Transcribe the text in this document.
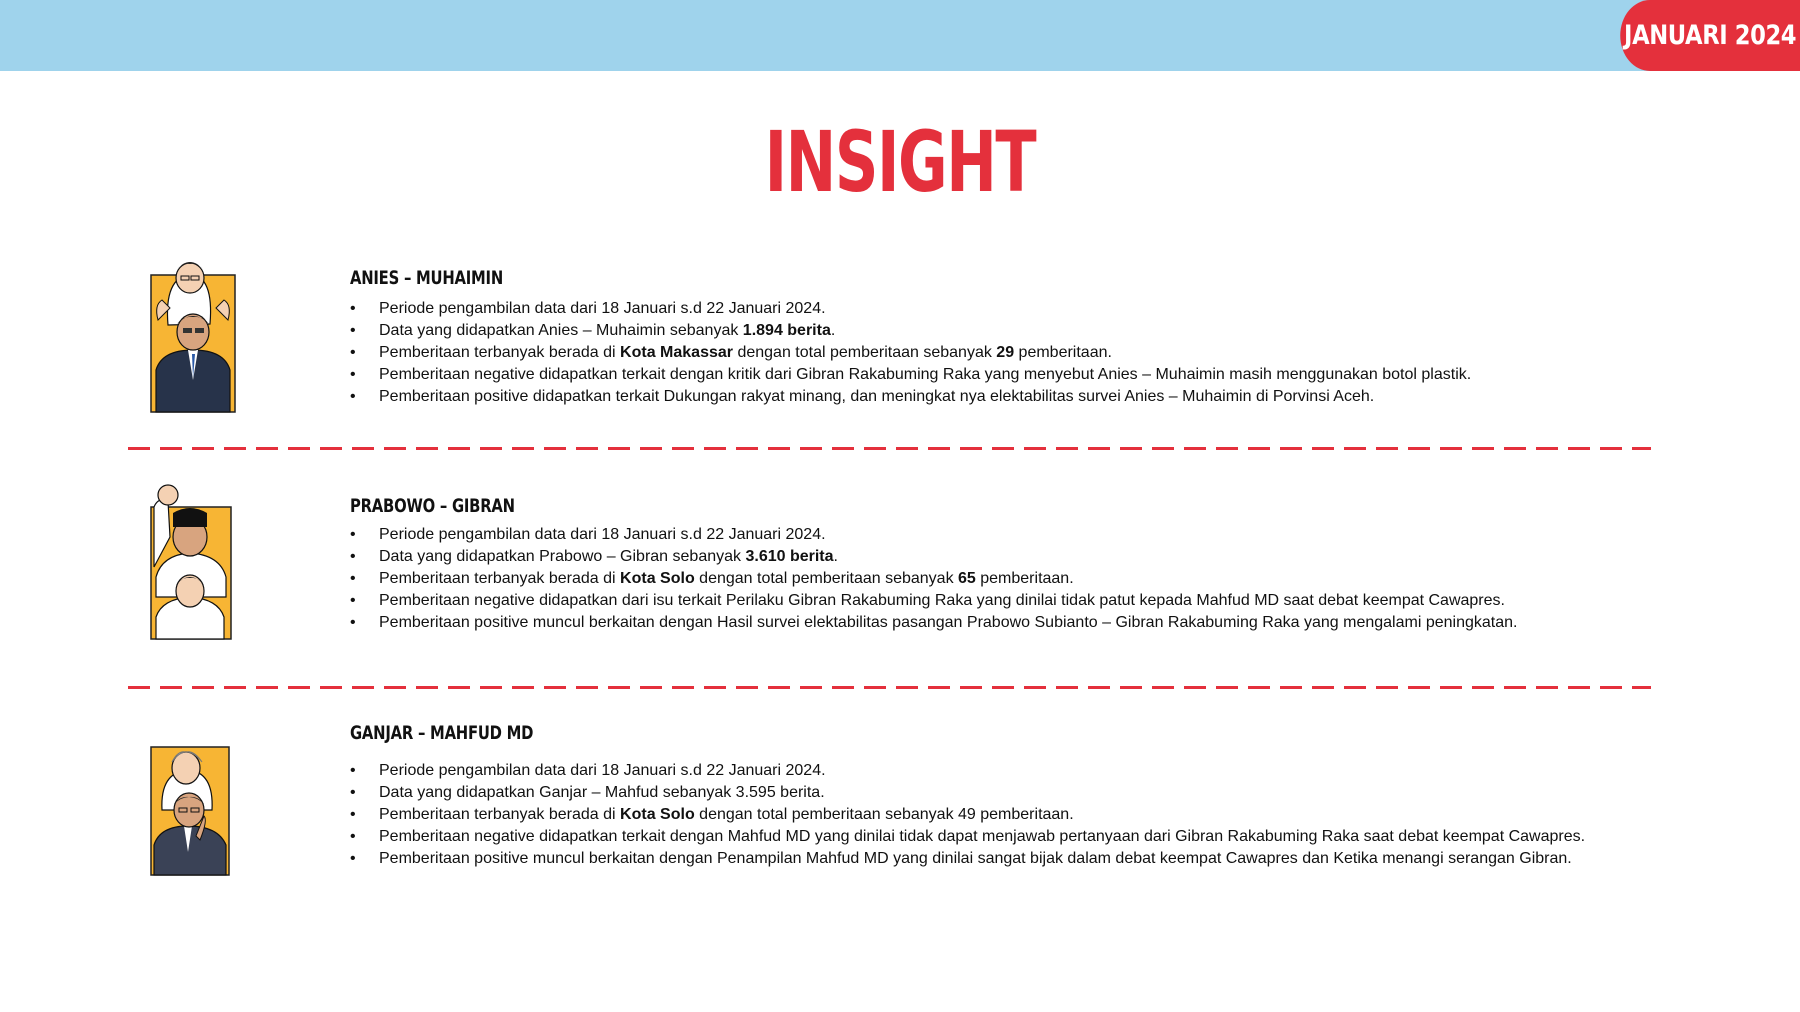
JANUARI 2024
INSIGHT
ANIES – MUHAIMIN
• Periode pengambilan data dari 18 Januari s.d 22 Januari 2024.
• Data yang didapatkan Anies – Muhaimin sebanyak 1.894 berita.
• Pemberitaan terbanyak berada di Kota Makassar dengan total pemberitaan sebanyak 29 pemberitaan.
• Pemberitaan negative didapatkan terkait dengan kritik dari Gibran Rakabuming Raka yang menyebut Anies – Muhaimin masih menggunakan botol plastik.
• Pemberitaan positive didapatkan terkait Dukungan rakyat minang, dan meningkat nya elektabilitas survei Anies – Muhaimin di Porvinsi Aceh.
PRABOWO – GIBRAN
• Periode pengambilan data dari 18 Januari s.d 22 Januari 2024.
• Data yang didapatkan Prabowo – Gibran sebanyak 3.610 berita.
• Pemberitaan terbanyak berada di Kota Solo dengan total pemberitaan sebanyak 65 pemberitaan.
• Pemberitaan negative didapatkan dari isu terkait Perilaku Gibran Rakabuming Raka yang dinilai tidak patut kepada Mahfud MD saat debat keempat Cawapres.
• Pemberitaan positive muncul berkaitan dengan Hasil survei elektabilitas pasangan Prabowo Subianto – Gibran Rakabuming Raka yang mengalami peningkatan.
GANJAR – MAHFUD MD
• Periode pengambilan data dari 18 Januari s.d 22 Januari 2024.
• Data yang didapatkan Ganjar – Mahfud sebanyak 3.595 berita.
• Pemberitaan terbanyak berada di Kota Solo dengan total pemberitaan sebanyak 49 pemberitaan.
• Pemberitaan negative didapatkan terkait dengan Mahfud MD yang dinilai tidak dapat menjawab pertanyaan dari Gibran Rakabuming Raka saat debat keempat Cawapres.
• Pemberitaan positive muncul berkaitan dengan Penampilan Mahfud MD yang dinilai sangat bijak dalam debat keempat Cawapres dan Ketika menangi serangan Gibran.
